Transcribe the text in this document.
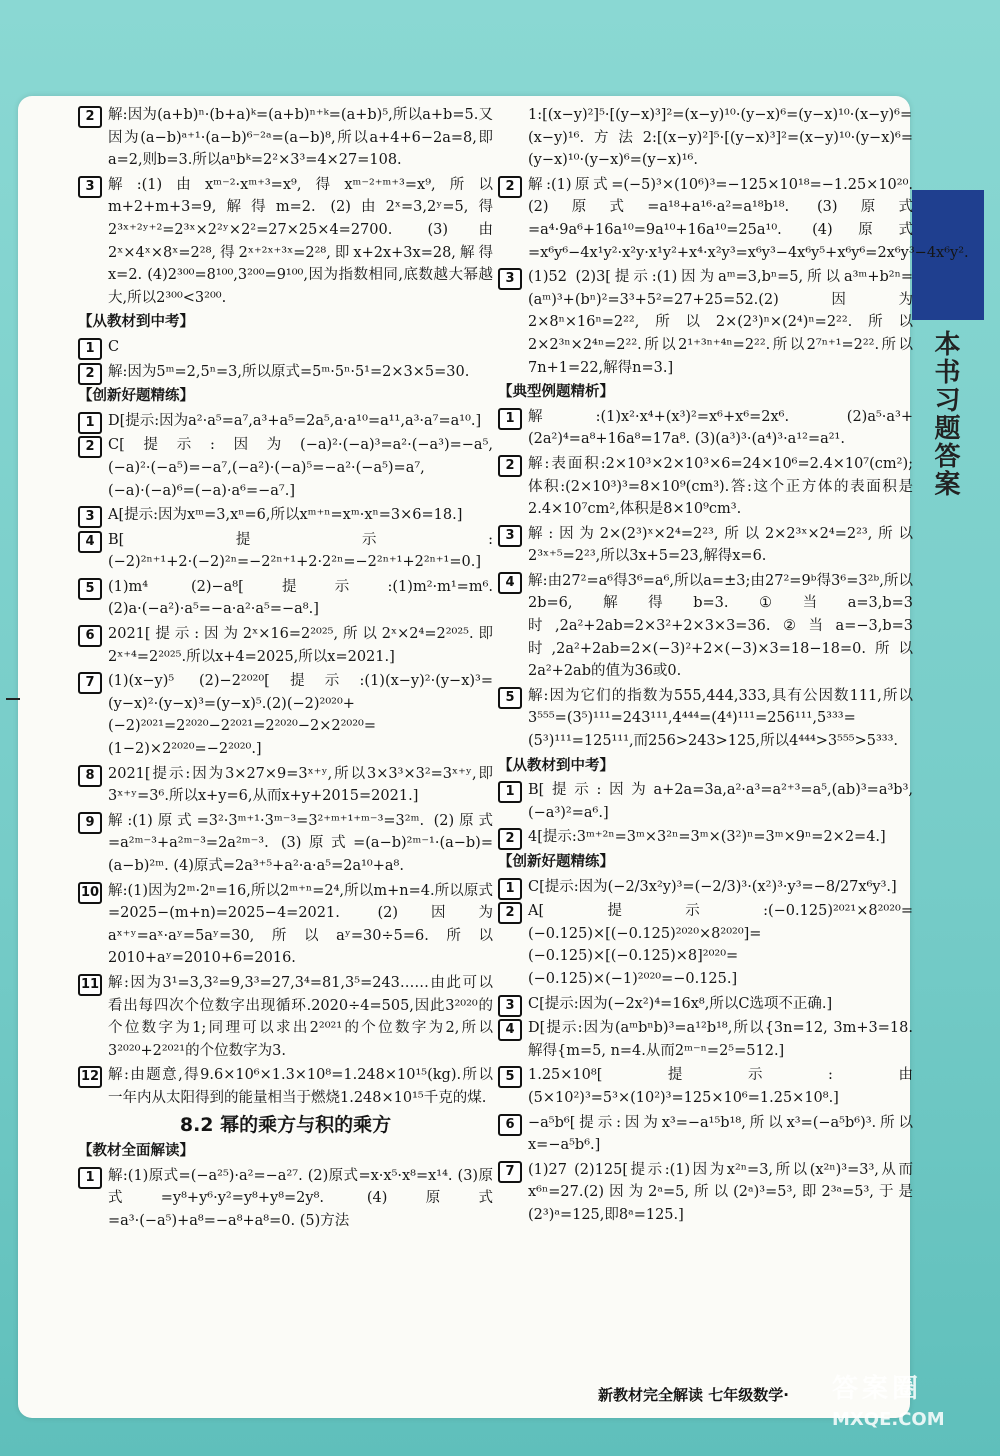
本书习题答案
2 解:因为(a+b)ⁿ·(b+a)ᵏ=(a+b)ⁿ⁺ᵏ=(a+b)⁵,所以a+b=5.又因为(a−b)ᵃ⁺¹·(a−b)⁶⁻²ᵃ=(a−b)⁸,所以a+4+6−2a=8,即a=2,则b=3.所以aⁿbᵏ=2²×3³=4×27=108.
3 解:(1)由xᵐ⁻²·xᵐ⁺³=x⁹,得xᵐ⁻²⁺ᵐ⁺³=x⁹,所以m+2+m+3=9,解得m=2. (2)由2ˣ=3,2ʸ=5,得2³ˣ⁺²ʸ⁺²=2³ˣ×2²ʸ×2²=27×25×4=2700. (3)由2ˣ×4ˣ×8ˣ=2²⁸,得2ˣ⁺²ˣ⁺³ˣ=2²⁸,即x+2x+3x=28,解得x=2. (4)2³⁰⁰=8¹⁰⁰,3²⁰⁰=9¹⁰⁰,因为指数相同,底数越大幂越大,所以2³⁰⁰<3²⁰⁰.
【从教材到中考】
1 C
2 解:因为5ᵐ=2,5ⁿ=3,所以原式=5ᵐ·5ⁿ·5¹=2×3×5=30.
【创新好题精练】
1 D[提示:因为a²·a⁵=a⁷,a³+a⁵=2a⁵,a·a¹⁰=a¹¹,a³·a⁷=a¹⁰.]
2 C[提示:因为(−a)²·(−a)³=a²·(−a³)=−a⁵,(−a)²·(−a⁵)=−a⁷,(−a²)·(−a)⁵=−a²·(−a⁵)=a⁷,(−a)·(−a)⁶=(−a)·a⁶=−a⁷.]
3 A[提示:因为xᵐ=3,xⁿ=6,所以xᵐ⁺ⁿ=xᵐ·xⁿ=3×6=18.]
4 B[提示:(−2)²ⁿ⁺¹+2·(−2)²ⁿ=−2²ⁿ⁺¹+2·2²ⁿ=−2²ⁿ⁺¹+2²ⁿ⁺¹=0.]
5 (1)m⁴ (2)−a⁸[提示:(1)m²·m¹=m⁶.(2)a·(−a²)·a⁵=−a·a²·a⁵=−a⁸.]
6 2021[提示:因为2ˣ×16=2²⁰²⁵,所以2ˣ×2⁴=2²⁰²⁵.即2ˣ⁺⁴=2²⁰²⁵.所以x+4=2025,所以x=2021.]
7 (1)(x−y)⁵ (2)−2²⁰²⁰[提示:(1)(x−y)²·(y−x)³=(y−x)²·(y−x)³=(y−x)⁵.(2)(−2)²⁰²⁰+(−2)²⁰²¹=2²⁰²⁰−2²⁰²¹=2²⁰²⁰−2×2²⁰²⁰=(1−2)×2²⁰²⁰=−2²⁰²⁰.]
8 2021[提示:因为3×27×9=3ˣ⁺ʸ,所以3×3³×3²=3ˣ⁺ʸ,即3ˣ⁺ʸ=3⁶.所以x+y=6,从而x+y+2015=2021.]
9 解:(1)原式=3²·3ᵐ⁺¹·3ᵐ⁻³=3²⁺ᵐ⁺¹⁺ᵐ⁻³=3²ᵐ. (2)原式=a²ᵐ⁻³+a²ᵐ⁻³=2a²ᵐ⁻³. (3)原式=(a−b)²ᵐ⁻¹·(a−b)=(a−b)²ᵐ. (4)原式=2a³⁺⁵+a²·a·a⁵=2a¹⁰+a⁸.
10 解:(1)因为2ᵐ·2ⁿ=16,所以2ᵐ⁺ⁿ=2⁴,所以m+n=4.所以原式=2025−(m+n)=2025−4=2021. (2)因为aˣ⁺ʸ=aˣ·aʸ=5aʸ=30,所以aʸ=30÷5=6.所以2010+aʸ=2010+6=2016.
11 解:因为3¹=3,3²=9,3³=27,3⁴=81,3⁵=243……由此可以看出每四次个位数字出现循环.2020÷4=505,因此3²⁰²⁰的个位数字为1;同理可以求出2²⁰²¹的个位数字为2,所以3²⁰²⁰+2²⁰²¹的个位数字为3.
12 解:由题意,得9.6×10⁶×1.3×10⁸=1.248×10¹⁵(kg).所以一年内从太阳得到的能量相当于燃烧1.248×10¹⁵千克的煤.
8.2 幂的乘方与积的乘方
【教材全面解读】
1 解:(1)原式=(−a²⁵)·a²=−a²⁷. (2)原式=x·x⁵·x⁸=x¹⁴. (3)原式=y⁸+y⁶·y²=y⁸+y⁸=2y⁸. (4)原式=a³·(−a⁵)+a⁸=−a⁸+a⁸=0. (5)方法
1:[(x−y)²]⁵·[(y−x)³]²=(x−y)¹⁰·(y−x)⁶=(y−x)¹⁰·(x−y)⁶=(x−y)¹⁶.方法2:[(x−y)²]⁵·[(y−x)³]²=(x−y)¹⁰·(y−x)⁶=(y−x)¹⁰·(y−x)⁶=(y−x)¹⁶.
2 解:(1)原式=(−5)³×(10⁶)³=−125×10¹⁸=−1.25×10²⁰. (2)原式=a¹⁸+a¹⁶·a²=a¹⁸b¹⁸. (3)原式=a⁴·9a⁶+16a¹⁰=9a¹⁰+16a¹⁰=25a¹⁰. (4)原式=x⁶y⁶−4x¹y²·x²y·x¹y²+x⁴·x²y³=x⁶y³−4x⁶y⁵+x⁶y⁶=2x⁶y³−4x⁶y².
3 (1)52 (2)3[提示:(1)因为aᵐ=3,bⁿ=5,所以a³ᵐ+b²ⁿ=(aᵐ)³+(bⁿ)²=3³+5²=27+25=52.(2)因为2×8ⁿ×16ⁿ=2²²,所以2×(2³)ⁿ×(2⁴)ⁿ=2²².所以2×2³ⁿ×2⁴ⁿ=2²².所以2¹⁺³ⁿ⁺⁴ⁿ=2²².所以2⁷ⁿ⁺¹=2²².所以7n+1=22,解得n=3.]
【典型例题精析】
1 解:(1)x²·x⁴+(x³)²=x⁶+x⁶=2x⁶. (2)a⁵·a³+(2a²)⁴=a⁸+16a⁸=17a⁸. (3)(a³)³·(a⁴)³·a¹²=a²¹.
2 解:表面积:2×10³×2×10³×6=24×10⁶=2.4×10⁷(cm²);体积:(2×10³)³=8×10⁹(cm³).答:这个正方体的表面积是2.4×10⁷cm²,体积是8×10⁹cm³.
3 解:因为2×(2³)ˣ×2⁴=2²³,所以2×2³ˣ×2⁴=2²³,所以2³ˣ⁺⁵=2²³,所以3x+5=23,解得x=6.
4 解:由27²=a⁶得3⁶=a⁶,所以a=±3;由27²=9ᵇ得3⁶=3²ᵇ,所以2b=6,解得b=3.①当a=3,b=3时,2a²+2ab=2×3²+2×3×3=36.②当a=−3,b=3时,2a²+2ab=2×(−3)²+2×(−3)×3=18−18=0.所以2a²+2ab的值为36或0.
5 解:因为它们的指数为555,444,333,具有公因数111,所以3⁵⁵⁵=(3⁵)¹¹¹=243¹¹¹,4⁴⁴⁴=(4⁴)¹¹¹=256¹¹¹,5³³³=(5³)¹¹¹=125¹¹¹,而256>243>125,所以4⁴⁴⁴>3⁵⁵⁵>5³³³.
【从教材到中考】
1 B[提示:因为a+2a=3a,a²·a³=a²⁺³=a⁵,(ab)³=a³b³,(−a³)²=a⁶.]
2 4[提示:3ᵐ⁺²ⁿ=3ᵐ×3²ⁿ=3ᵐ×(3²)ⁿ=3ᵐ×9ⁿ=2×2=4.]
【创新好题精练】
1 C[提示:因为(−2/3x²y)³=(−2/3)³·(x²)³·y³=−8/27x⁶y³.]
2 A[提示:(−0.125)²⁰²¹×8²⁰²⁰=(−0.125)×[(−0.125)²⁰²⁰×8²⁰²⁰]=(−0.125)×[(−0.125)×8]²⁰²⁰=(−0.125)×(−1)²⁰²⁰=−0.125.]
3 C[提示:因为(−2x²)⁴=16x⁸,所以C选项不正确.]
4 D[提示:因为(aᵐbⁿb)³=a¹²b¹⁸,所以{3n=12, 3m+3=18.解得{m=5, n=4.从而2ᵐ⁻ⁿ=2⁵=512.]
5 1.25×10⁸[提示:由(5×10²)³=5³×(10²)³=125×10⁶=1.25×10⁸.]
6 −a⁵b⁶[提示:因为x³=−a¹⁵b¹⁸,所以x³=(−a⁵b⁶)³.所以x=−a⁵b⁶.]
7 (1)27 (2)125[提示:(1)因为x²ⁿ=3,所以(x²ⁿ)³=3³,从而x⁶ⁿ=27.(2)因为2ᵃ=5,所以(2ᵃ)³=5³,即2³ᵃ=5³,于是(2³)ᵃ=125,即8ᵃ=125.]
新教材完全解读 七年级数学·	答案圈
MXQE.COM
